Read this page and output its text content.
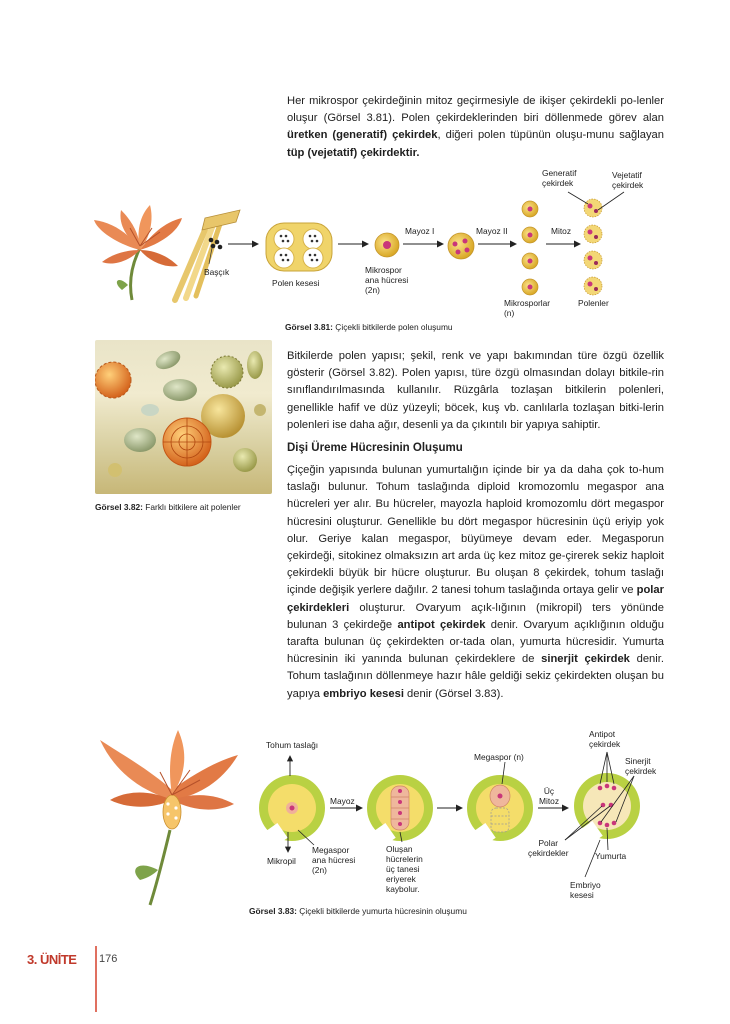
Her mikrospor çekirdeğinin mitoz geçirmesiyle de ikişer çekirdekli po-lenler oluşur (Görsel 3.81). Polen çekirdeklerinden biri döllenmede görev alan üretken (generatif) çekirdek, diğeri polen tüpünün oluşu-munu sağlayan tüp (vejetatif) çekirdektir.

Başçık
Polen kesesi
Mayoz I	Mayoz II	Mitoz
Mikrospor
ana hücresi
(2n)
Mikrosporlar
(n)
Polenler
Generatif
çekirdek
Vejetatif
çekirdek
Görsel 3.81: Çiçekli bitkilerde polen oluşumu
Görsel 3.82: Farklı bitkilere ait polenler

Bitkilerde polen yapısı; şekil, renk ve yapı bakımından türe özgü özellik gösterir (Görsel 3.82). Polen yapısı, türe özgü olmasından dolayı bitkile-rin sınıflandırılmasında kullanılır. Rüzgârla tozlaşan bitkilerin polenleri, genellikle hafif ve düz yüzeyli; böcek, kuş vb. canlılarla tozlaşan bitki-lerin polenleri ise daha ağır, desenli ya da çıkıntılı bir yapıya sahiptir.

Dişi Üreme Hücresinin Oluşumu

Çiçeğin yapısında bulunan yumurtalığın içinde bir ya da daha çok to-hum taslağı bulunur. Tohum taslağında diploid kromozomlu megaspor ana hücreleri yer alır. Bu hücreler, mayozla haploid kromozomlu dört megaspor hücresini oluşturur. Genellikle bu dört megaspor hücresinin üçü eriyip yok olur. Geriye kalan megaspor, büyümeye devam eder. Megasporun çekirdeği, sitokinez olmaksızın art arda üç kez mitoz ge-çirerek sekiz haploit çekirdekli büyük bir hücre oluşturur. Bu oluşan 8 çekirdek, tohum taslağı içinde değişik yerlere dağılır. 2 tanesi tohum taslağında ortaya gelir ve polar çekirdekleri oluşturur. Ovaryum açık-lığının (mikropil) ters yönünde bulunan 3 çekirdeğe antipot çekirdek denir. Ovaryum açıklığının olduğu tarafta bulunan üç çekirdekten or-tada olan, yumurta hücresidir. Yumurta hücresinin iki yanında bulunan çekirdeklere de sinerjit çekirdek denir. Tohum taslağının döllenmeye hazır hâle geldiği sekiz çekirdekten oluşan bu yapıya embriyo kesesi denir (Görsel 3.83).

Tohum taslağı
Mikropil
Megaspor
ana hücresi
(2n)
Mayoz
Oluşan
hücrelerin
üç tanesi
eriyerek
kaybolur.
Megaspor (n)
Üç
Mitoz
Antipot
çekirdek
Sinerjit
çekirdek
Polar
çekirdekler	Yumurta
Embriyo
kesesi
Görsel 3.83: Çiçekli bitkilerde yumurta hücresinin oluşumu
3. ÜNİTE 176
